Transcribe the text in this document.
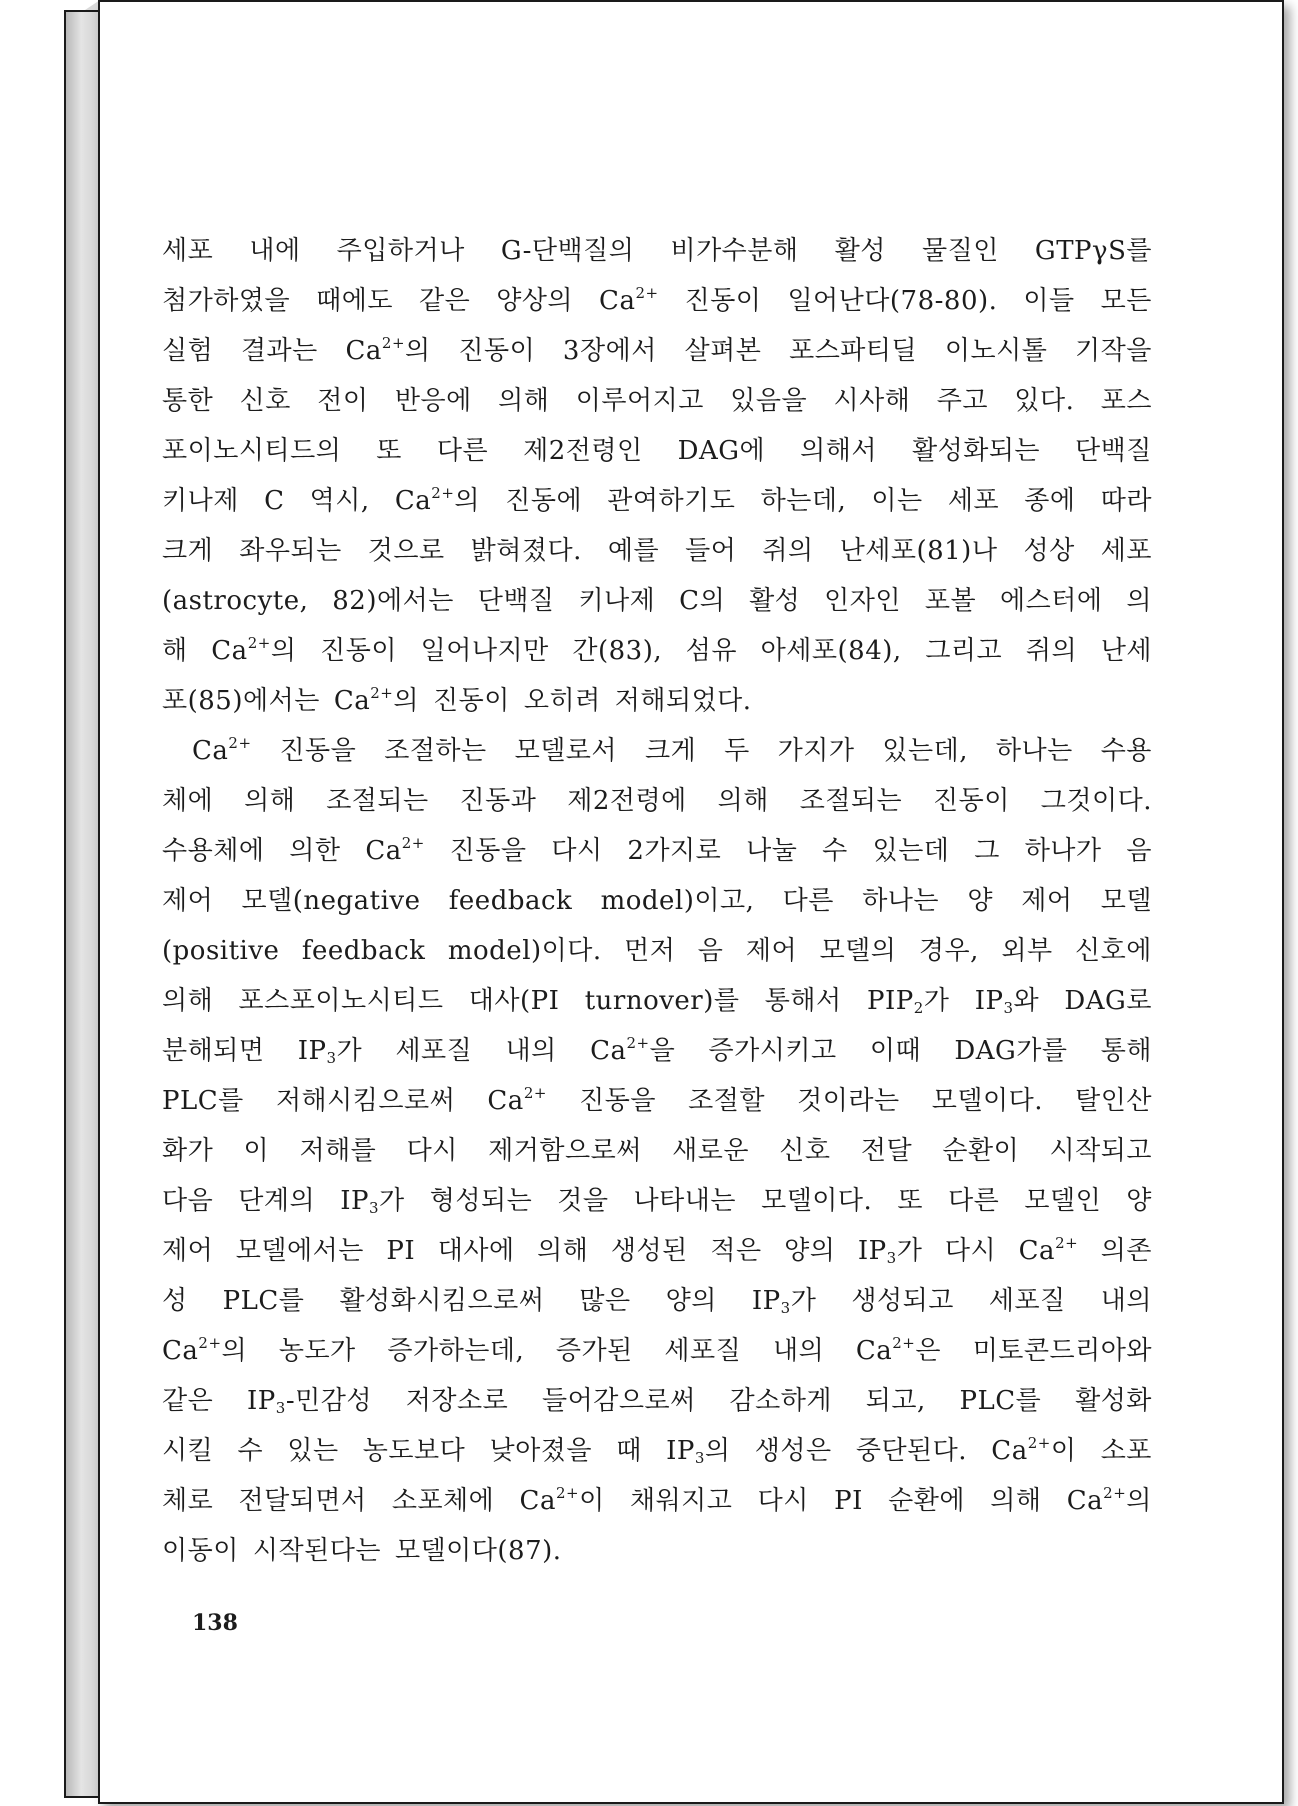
세포 내에 주입하거나 G-단백질의 비가수분해 활성 물질인 GTPγS를
첨가하였을 때에도 같은 양상의 $Ca^{2+}$ 진동이 일어난다(78-80). 이들 모든
실험 결과는 $Ca^{2+}$의 진동이 3장에서 살펴본 포스파티딜 이노시톨 기작을
통한 신호 전이 반응에 의해 이루어지고 있음을 시사해 주고 있다. 포스
포이노시티드의 또 다른 제2전령인 DAG에 의해서 활성화되는 단백질
키나제 C 역시, $Ca^{2+}$의 진동에 관여하기도 하는데, 이는 세포 종에 따라
크게 좌우되는 것으로 밝혀졌다. 예를 들어 쥐의 난세포(81)나 성상 세포
(astrocyte, 82)에서는 단백질 키나제 C의 활성 인자인 포볼 에스터에 의
해 $Ca^{2+}$의 진동이 일어나지만 간(83), 섬유 아세포(84), 그리고 쥐의 난세
포(85)에서는 $Ca^{2+}$의 진동이 오히려 저해되었다.
$Ca^{2+}$ 진동을 조절하는 모델로서 크게 두 가지가 있는데, 하나는 수용
체에 의해 조절되는 진동과 제2전령에 의해 조절되는 진동이 그것이다.
수용체에 의한 $Ca^{2+}$ 진동을 다시 2가지로 나눌 수 있는데 그 하나가 음
제어 모델(negative feedback model)이고, 다른 하나는 양 제어 모델
(positive feedback model)이다. 먼저 음 제어 모델의 경우, 외부 신호에
의해 포스포이노시티드 대사(PI turnover)를 통해서 $PIP_2$가 $IP_3$와 DAG로
분해되면 $IP_3$가 세포질 내의 $Ca^{2+}$을 증가시키고 이때 DAG가를 통해
PLC를 저해시킴으로써 $Ca^{2+}$ 진동을 조절할 것이라는 모델이다. 탈인산
화가 이 저해를 다시 제거함으로써 새로운 신호 전달 순환이 시작되고
다음 단계의 $IP_3$가 형성되는 것을 나타내는 모델이다. 또 다른 모델인 양
제어 모델에서는 PI 대사에 의해 생성된 적은 양의 $IP_3$가 다시 $Ca^{2+}$ 의존
성 PLC를 활성화시킴으로써 많은 양의 $IP_3$가 생성되고 세포질 내의
$Ca^{2+}$의 농도가 증가하는데, 증가된 세포질 내의 $Ca^{2+}$은 미토콘드리아와
같은 $IP_3-$민감성 저장소로 들어감으로써 감소하게 되고, PLC를 활성화
시킬 수 있는 농도보다 낮아졌을 때 $IP_3$의 생성은 중단된다. $Ca^{2+}$이 소포
체로 전달되면서 소포체에 $Ca^{2+}$이 채워지고 다시 PI 순환에 의해 $Ca^{2+}$의
이동이 시작된다는 모델이다(87).
138
